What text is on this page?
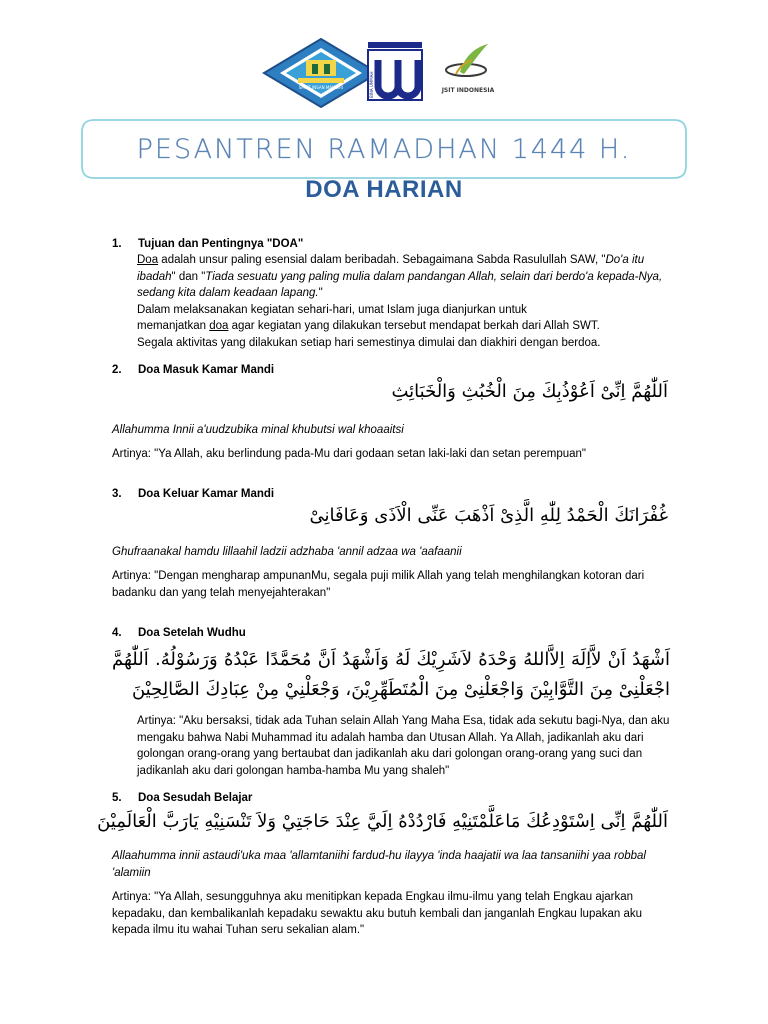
SMPIT INSAN MANDIRI	BINA UMMAH	JSIT INDONESIA
PESANTREN RAMADHAN 1444 H.
DOA HARIAN
1.	Tujuan dan Pentingnya "DOA"

Doa adalah unsur paling esensial dalam beribadah. Sebagaimana Sabda Rasulullah SAW, "Do'a itu ibadah" dan "Tiada sesuatu yang paling mulia dalam pandangan Allah, selain dari berdo'a kepada-Nya, sedang kita dalam keadaan lapang."

Dalam melaksanakan kegiatan sehari-hari, umat Islam juga dianjurkan untuk

memanjatkan doa agar kegiatan yang dilakukan tersebut mendapat berkah dari Allah SWT.

Segala aktivitas yang dilakukan setiap hari semestinya dimulai dan diakhiri dengan berdoa.

2.	Doa Masuk Kamar Mandi
اَللّٰهُمَّ اِنِّىْ اَعُوْذُبِكَ مِنَ الْخُبُثِ وَالْخَبَائِثِ
Allahumma Innii a'uudzubika minal khubutsi wal khoaaitsi
Artinya: "Ya Allah, aku berlindung pada-Mu dari godaan setan laki-laki dan setan perempuan"
3.	Doa Keluar Kamar Mandi
غُفْرَانَكَ الْحَمْدُ لِلّٰهِ الَّذِىْ اَذْهَبَ عَنِّى الْاَذَى وَعَافَانِىْ
Ghufraanakal hamdu lillaahil ladzii adzhaba 'annil adzaa wa 'aafaanii
Artinya: "Dengan mengharap ampunanMu, segala puji milik Allah yang telah menghilangkan kotoran dari badanku dan yang telah menyejahterakan"
4.	Doa Setelah Wudhu
اَشْهَدُ اَنْ لاَّاِلَهَ اِلاَّاللهُ وَحْدَهُ لاَشَرِيْكَ لَهُ وَاَشْهَدُ اَنَّ مُحَمَّدًا عَبْدُهُ وَرَسُوْلُهُ. اَللّٰهُمَّ اجْعَلْنِىْ مِنَ التَّوَّابِيْنَ وَاجْعَلْنِىْ مِنَ الْمُتَطَهِّرِيْنَ، وَجْعَلْنِيْ مِنْ عِبَادِكَ الصَّالِحِيْنَ
Artinya: "Aku bersaksi, tidak ada Tuhan selain Allah Yang Maha Esa, tidak ada sekutu bagi-Nya, dan aku mengaku bahwa Nabi Muhammad itu adalah hamba dan Utusan Allah. Ya Allah, jadikanlah aku dari golongan orang-orang yang bertaubat dan jadikanlah aku dari golongan orang-orang yang suci dan jadikanlah aku dari golongan hamba-hamba Mu yang shaleh"
5.	Doa Sesudah Belajar
اَللّٰهُمَّ اِنِّى اِسْتَوْدِعُكَ مَاعَلَّمْتَنِيْهِ فَارْدُدْهُ اِلَيَّ عِنْدَ حَاجَتِيْ وَلاَ تَنْسَنِيْهِ يَارَبَّ الْعَالَمِيْنَ
Allaahumma innii astaudi'uka maa 'allamtaniihi fardud-hu ilayya 'inda haajatii wa laa tansaniihi yaa robbal 'alamiin
Artinya: "Ya Allah, sesungguhnya aku menitipkan kepada Engkau ilmu-ilmu yang telah Engkau ajarkan kepadaku, dan kembalikanlah kepadaku sewaktu aku butuh kembali dan janganlah Engkau lupakan aku kepada ilmu itu wahai Tuhan seru sekalian alam."
